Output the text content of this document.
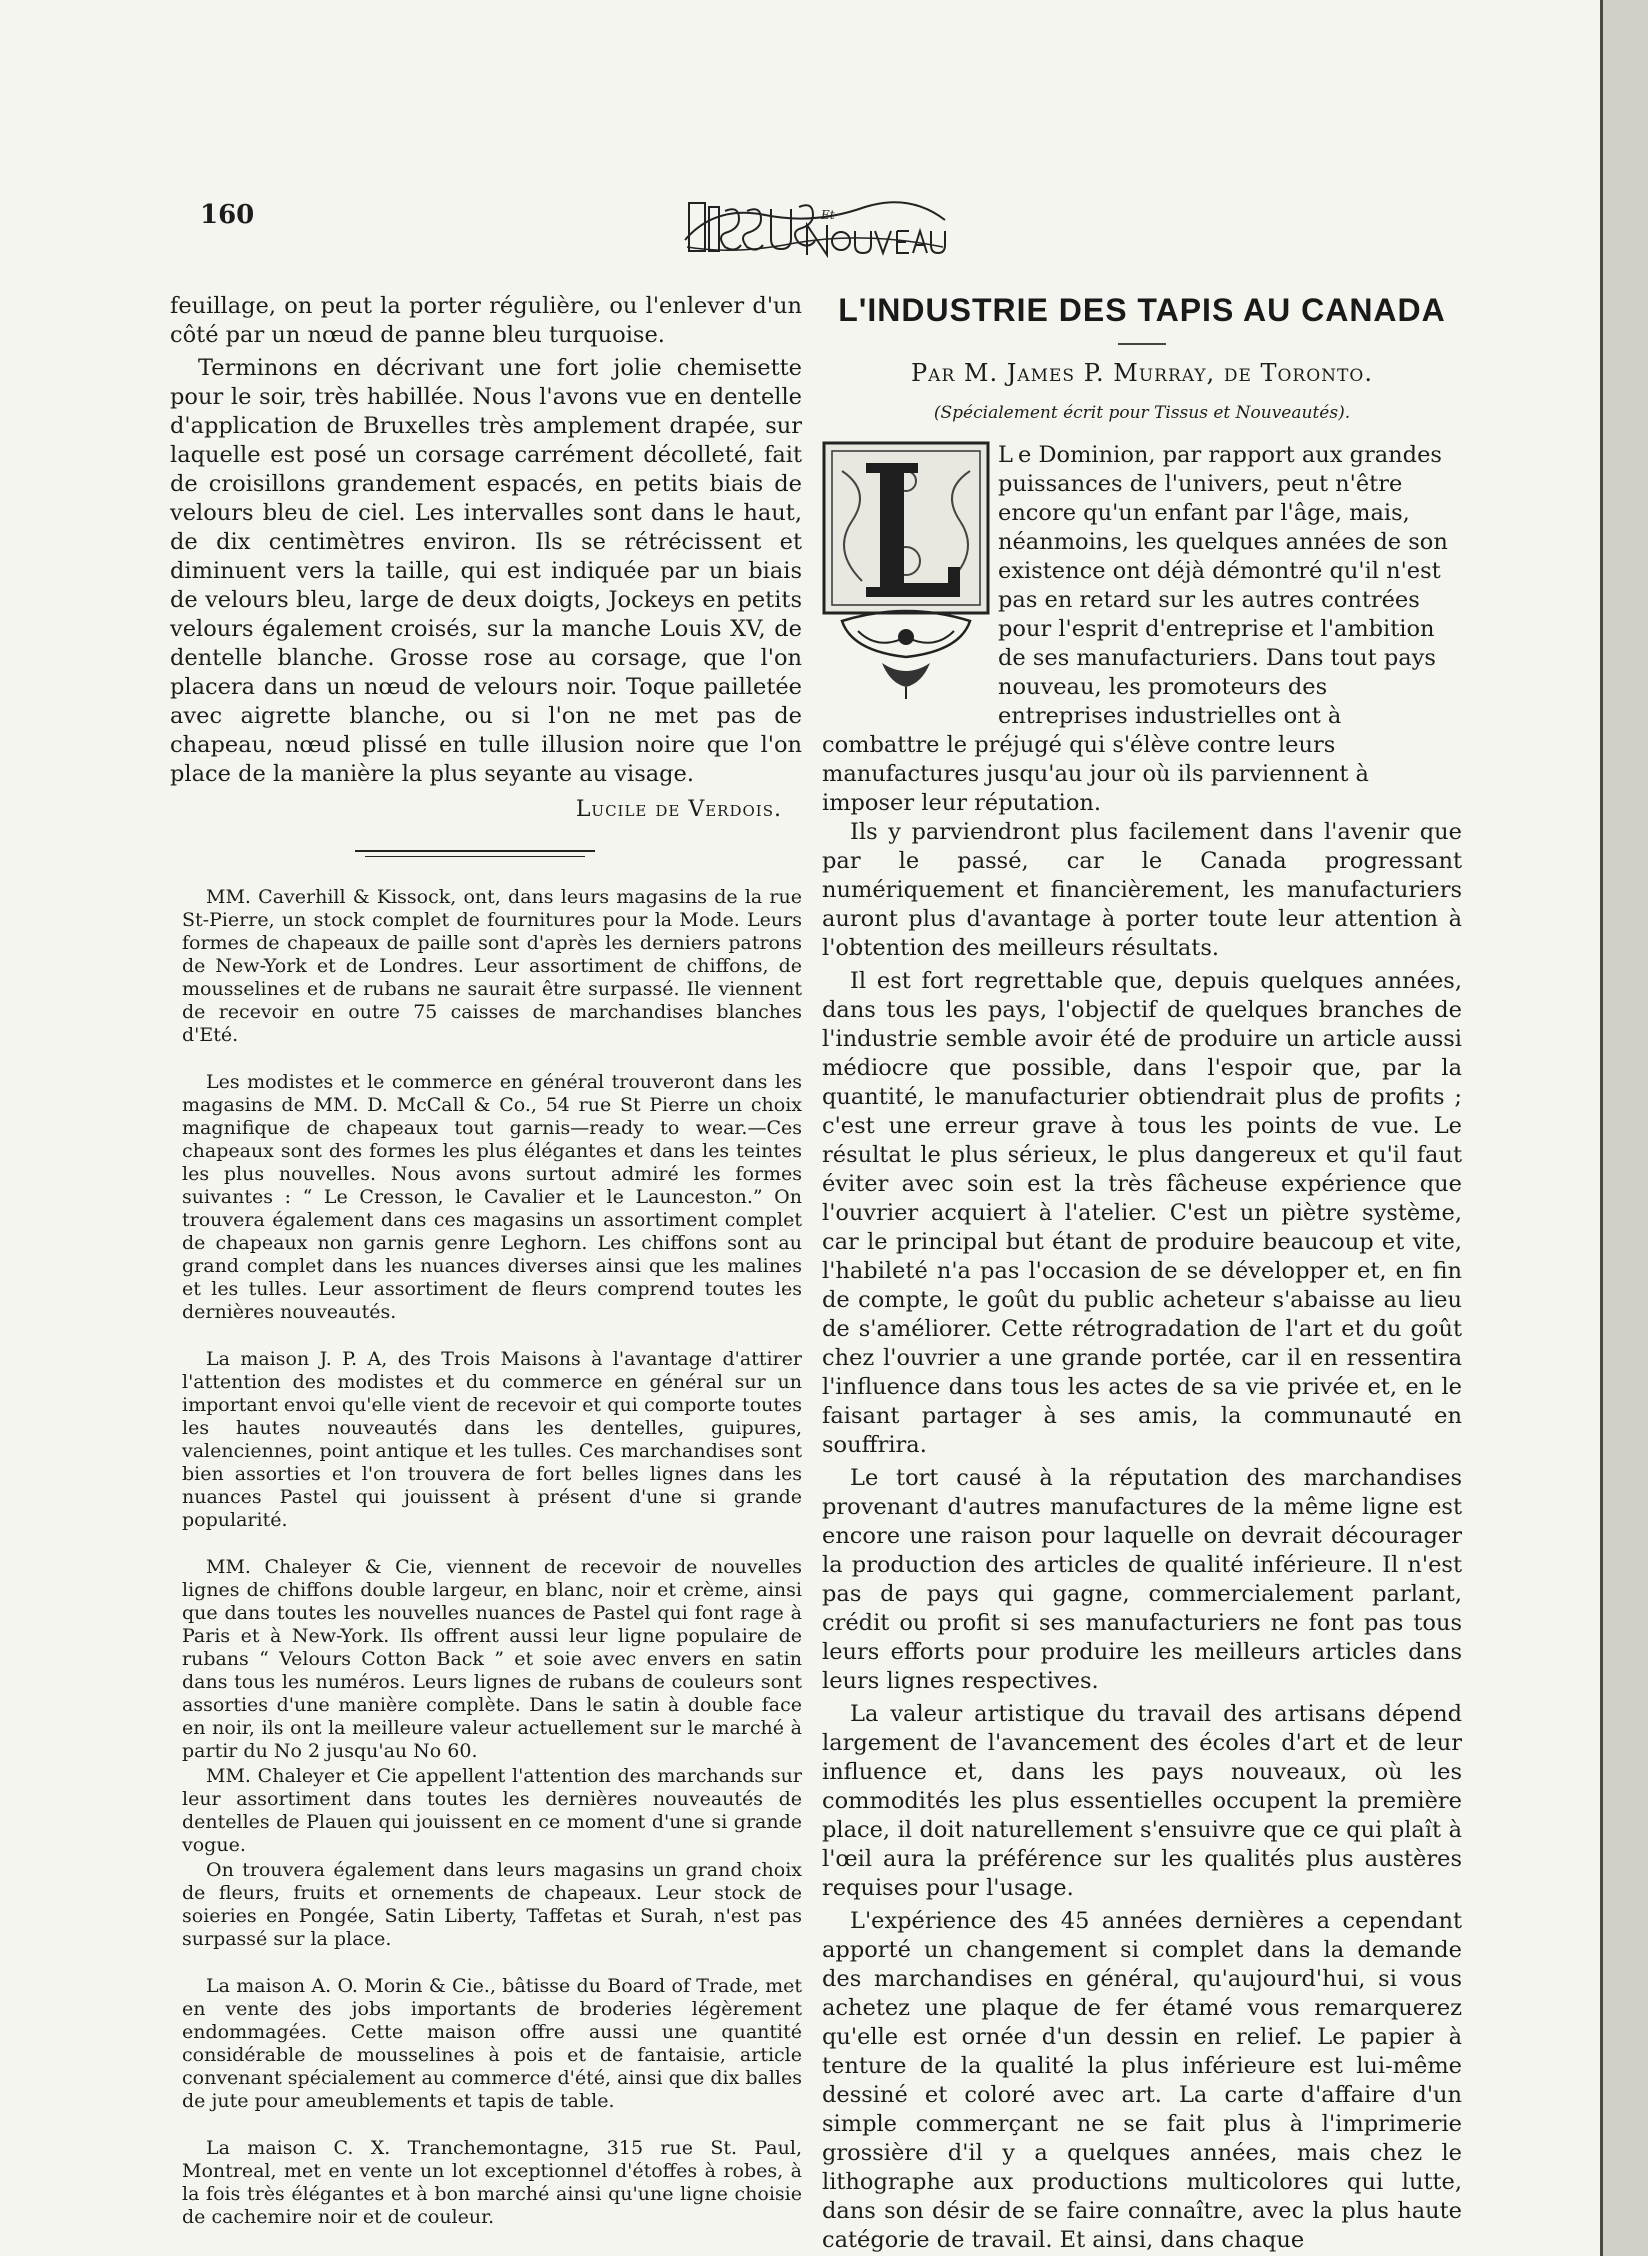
160	Et

feuillage, on peut la porter régulière, ou l'enlever d'un côté par un nœud de panne bleu turquoise.

Terminons en décrivant une fort jolie chemisette pour le soir, très habillée. Nous l'avons vue en dentelle d'application de Bruxelles très amplement drapée, sur laquelle est posé un corsage carrément décolleté, fait de croisillons grandement espacés, en petits biais de velours bleu de ciel. Les intervalles sont dans le haut, de dix centimètres environ. Ils se rétrécissent et diminuent vers la taille, qui est indiquée par un biais de velours bleu, large de deux doigts, Jockeys en petits velours également croisés, sur la manche Louis XV, de dentelle blanche. Grosse rose au corsage, que l'on placera dans un nœud de velours noir. Toque pailletée avec aigrette blanche, ou si l'on ne met pas de chapeau, nœud plissé en tulle illusion noire que l'on place de la manière la plus seyante au visage.

Lucile de Verdois.

MM. Caverhill & Kissock, ont, dans leurs magasins de la rue St-Pierre, un stock complet de fournitures pour la Mode. Leurs formes de chapeaux de paille sont d'après les derniers patrons de New-York et de Londres. Leur assortiment de chiffons, de mousselines et de rubans ne saurait être surpassé. Ile viennent de recevoir en outre 75 caisses de marchandises blanches d'Eté.

Les modistes et le commerce en général trouveront dans les magasins de MM. D. McCall & Co., 54 rue St Pierre un choix magnifique de chapeaux tout garnis—ready to wear.—Ces chapeaux sont des formes les plus élégantes et dans les teintes les plus nouvelles. Nous avons surtout admiré les formes suivantes : “ Le Cresson, le Cavalier et le Launceston.” On trouvera également dans ces magasins un assortiment complet de chapeaux non garnis genre Leghorn. Les chiffons sont au grand complet dans les nuances diverses ainsi que les malines et les tulles. Leur assortiment de fleurs comprend toutes les dernières nouveautés.

La maison J. P. A, des Trois Maisons à l'avantage d'attirer l'attention des modistes et du commerce en général sur un important envoi qu'elle vient de recevoir et qui comporte toutes les hautes nouveautés dans les dentelles, guipures, valenciennes, point antique et les tulles. Ces marchandises sont bien assorties et l'on trouvera de fort belles lignes dans les nuances Pastel qui jouissent à présent d'une si grande popularité.

MM. Chaleyer & Cie, viennent de recevoir de nouvelles lignes de chiffons double largeur, en blanc, noir et crème, ainsi que dans toutes les nouvelles nuances de Pastel qui font rage à Paris et à New-York. Ils offrent aussi leur ligne populaire de rubans “ Velours Cotton Back ” et soie avec envers en satin dans tous les numéros. Leurs lignes de rubans de couleurs sont assorties d'une manière complète. Dans le satin à double face en noir, ils ont la meilleure valeur actuellement sur le marché à partir du No 2 jusqu'au No 60.

MM. Chaleyer et Cie appellent l'attention des marchands sur leur assortiment dans toutes les dernières nouveautés de dentelles de Plauen qui jouissent en ce moment d'une si grande vogue.

On trouvera également dans leurs magasins un grand choix de fleurs, fruits et ornements de chapeaux. Leur stock de soieries en Pongée, Satin Liberty, Taffetas et Surah, n'est pas surpassé sur la place.

La maison A. O. Morin & Cie., bâtisse du Board of Trade, met en vente des jobs importants de broderies légèrement endommagées. Cette maison offre aussi une quantité considérable de mousselines à pois et de fantaisie, article convenant spécialement au commerce d'été, ainsi que dix balles de jute pour ameublements et tapis de table.

La maison C. X. Tranchemontagne, 315 rue St. Paul, Montreal, met en vente un lot exceptionnel d'étoffes à robes, à la fois très élégantes et à bon marché ainsi qu'une ligne choisie de cachemire noir et de couleur.

L'INDUSTRIE DES TAPIS AU CANADA
Par M. James P. Murray, de Toronto.
(Spécialement écrit pour Tissus et Nouveautés).
L e Dominion, par rapport aux grandes puissances de l'univers, peut n'être encore qu'un enfant par l'âge, mais, néanmoins, les quelques années de son existence ont déjà démontré qu'il n'est pas en retard sur les autres contrées pour l'esprit d'entreprise et l'ambition de ses manufacturiers. Dans tout pays nouveau, les promoteurs des entreprises industrielles ont à combattre le préjugé qui s'élève contre leurs manufactures jusqu'au jour où ils parviennent à imposer leur réputation.

Ils y parviendront plus facilement dans l'avenir que par le passé, car le Canada progressant numériquement et financièrement, les manufacturiers auront plus d'avantage à porter toute leur attention à l'obtention des meilleurs résultats.

Il est fort regrettable que, depuis quelques années, dans tous les pays, l'objectif de quelques branches de l'industrie semble avoir été de produire un article aussi médiocre que possible, dans l'espoir que, par la quantité, le manufacturier obtiendrait plus de profits ; c'est une erreur grave à tous les points de vue. Le résultat le plus sérieux, le plus dangereux et qu'il faut éviter avec soin est la très fâcheuse expérience que l'ouvrier acquiert à l'atelier. C'est un piètre système, car le principal but étant de produire beaucoup et vite, l'habileté n'a pas l'occasion de se développer et, en fin de compte, le goût du public acheteur s'abaisse au lieu de s'améliorer. Cette rétrogradation de l'art et du goût chez l'ouvrier a une grande portée, car il en ressentira l'influence dans tous les actes de sa vie privée et, en le faisant partager à ses amis, la communauté en souffrira.

Le tort causé à la réputation des marchandises provenant d'autres manufactures de la même ligne est encore une raison pour laquelle on devrait décourager la production des articles de qualité inférieure. Il n'est pas de pays qui gagne, commercialement parlant, crédit ou profit si ses manufacturiers ne font pas tous leurs efforts pour produire les meilleurs articles dans leurs lignes respectives.

La valeur artistique du travail des artisans dépend largement de l'avancement des écoles d'art et de leur influence et, dans les pays nouveaux, où les commodités les plus essentielles occupent la première place, il doit naturellement s'ensuivre que ce qui plaît à l'œil aura la préférence sur les qualités plus austères requises pour l'usage.

L'expérience des 45 années dernières a cependant apporté un changement si complet dans la demande des marchandises en général, qu'aujourd'hui, si vous achetez une plaque de fer étamé vous remarquerez qu'elle est ornée d'un dessin en relief. Le papier à tenture de la qualité la plus inférieure est lui-même dessiné et coloré avec art. La carte d'affaire d'un simple commerçant ne se fait plus à l'imprimerie grossière d'il y a quelques années, mais chez le lithographe aux productions multicolores qui lutte, dans son désir de se faire connaître, avec la plus haute catégorie de travail. Et ainsi, dans chaque
